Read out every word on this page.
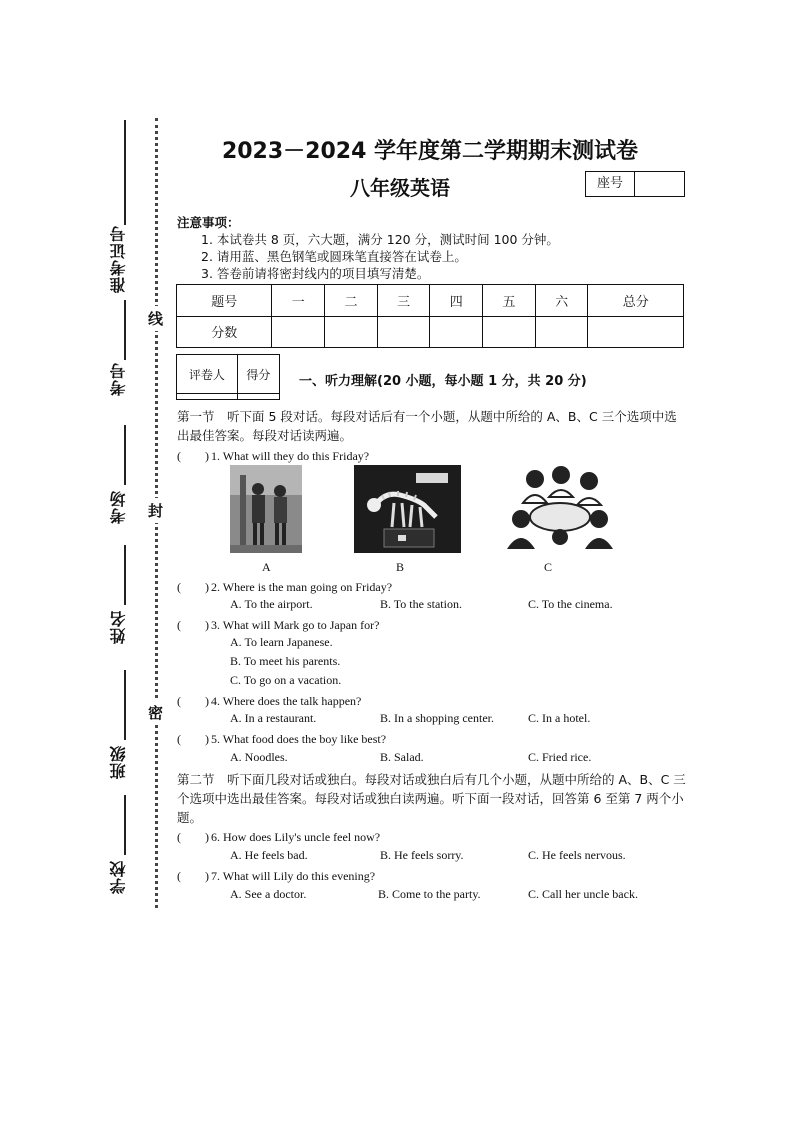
准考证号
考号
考场
姓名
班级
学校
线
封
密
2023－2024 学年度第二学期期末测试卷
八年级英语	座号
注意事项：
1. 本试卷共 8 页，六大题，满分 120 分，测试时间 100 分钟。
2. 请用蓝、黑色钢笔或圆珠笔直接答在试卷上。
3. 答卷前请将密封线内的项目填写清楚。
题号	一	二	三	四	五	六	总分
分数							
评卷人	得分
	一、听力理解(20 小题，每小题 1 分，共 20 分)
第一节　听下面 5 段对话。每段对话后有一个小题，从题中所给的 A、B、C 三个选项中选出最佳答案。每段对话读两遍。
(　　) 1. What will they do this Friday?
A	B	C
(　　) 2. Where is the man going on Friday?
A. To the airport.	B. To the station.	C. To the cinema.
(　　) 3. What will Mark go to Japan for?
A. To learn Japanese.
B. To meet his parents.
C. To go on a vacation.
(　　) 4. Where does the talk happen?
A. In a restaurant.	B. In a shopping center.	C. In a hotel.
(　　) 5. What food does the boy like best?
A. Noodles.	B. Salad.	C. Fried rice.
第二节　听下面几段对话或独白。每段对话或独白后有几个小题，从题中所给的 A、B、C 三个选项中选出最佳答案。每段对话或独白读两遍。听下面一段对话，回答第 6 至第 7 两个小题。
(　　) 6. How does Lily's uncle feel now?
A. He feels bad.	B. He feels sorry.	C. He feels nervous.
(　　) 7. What will Lily do this evening?
A. See a doctor.	B. Come to the party.	C. Call her uncle back.
